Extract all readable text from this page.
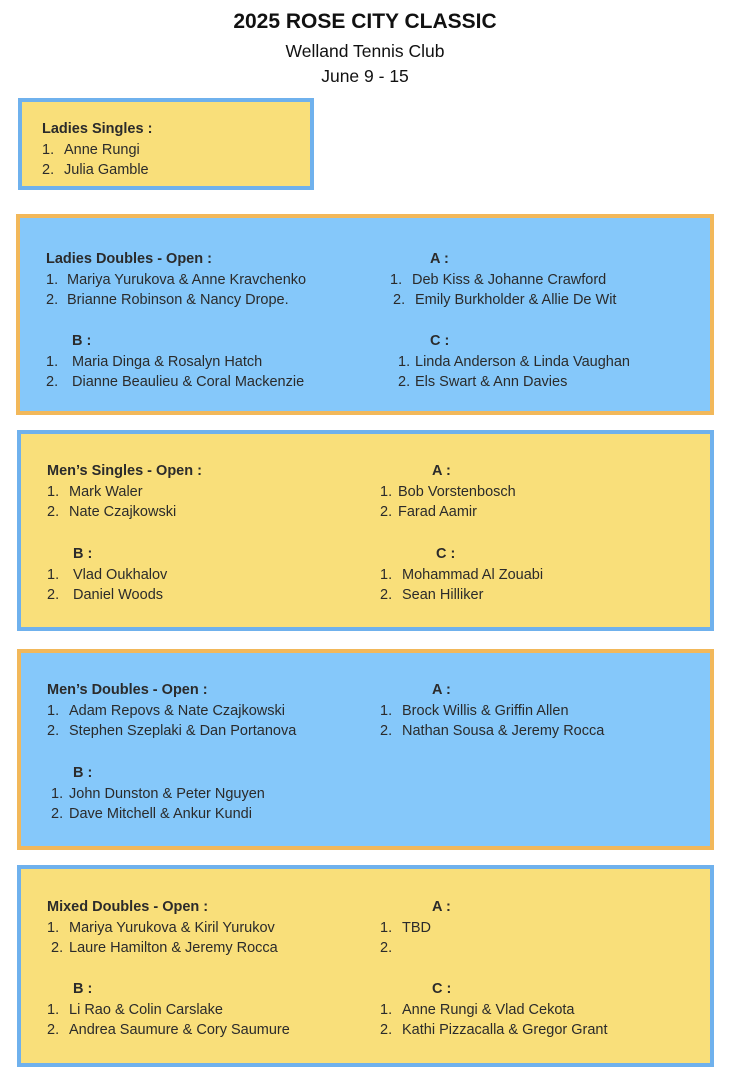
2025 ROSE CITY CLASSIC
Welland Tennis Club
June 9 - 15
Ladies Singles :
1. Anne Rungi
2. Julia Gamble
Ladies Doubles - Open :
1. Mariya Yurukova & Anne Kravchenko
2. Brianne Robinson & Nancy Drope.
A :
1. Deb Kiss & Johanne Crawford
2. Emily Burkholder & Allie De Wit
B :
1. Maria Dinga & Rosalyn Hatch
2. Dianne Beaulieu & Coral Mackenzie
C :
1. Linda Anderson & Linda Vaughan
2. Els Swart & Ann Davies
Men’s Singles - Open :
1. Mark Waler
2. Nate Czajkowski
A :
1. Bob Vorstenbosch
2. Farad Aamir
B :
1. Vlad Oukhalov
2. Daniel Woods
C :
1. Mohammad Al Zouabi
2. Sean Hilliker
Men’s Doubles - Open :
1. Adam Repovs & Nate Czajkowski
2. Stephen Szeplaki & Dan Portanova
A :
1. Brock Willis & Griffin Allen
2. Nathan Sousa & Jeremy Rocca
B :
1. John Dunston & Peter Nguyen
2. Dave Mitchell & Ankur Kundi
Mixed Doubles - Open :
1. Mariya Yurukova & Kiril Yurukov
2. Laure Hamilton & Jeremy Rocca
A :
1. TBD
2.
B :
1. Li Rao & Colin Carslake
2. Andrea Saumure & Cory Saumure
C :
1. Anne Rungi & Vlad Cekota
2. Kathi Pizzacalla & Gregor Grant
